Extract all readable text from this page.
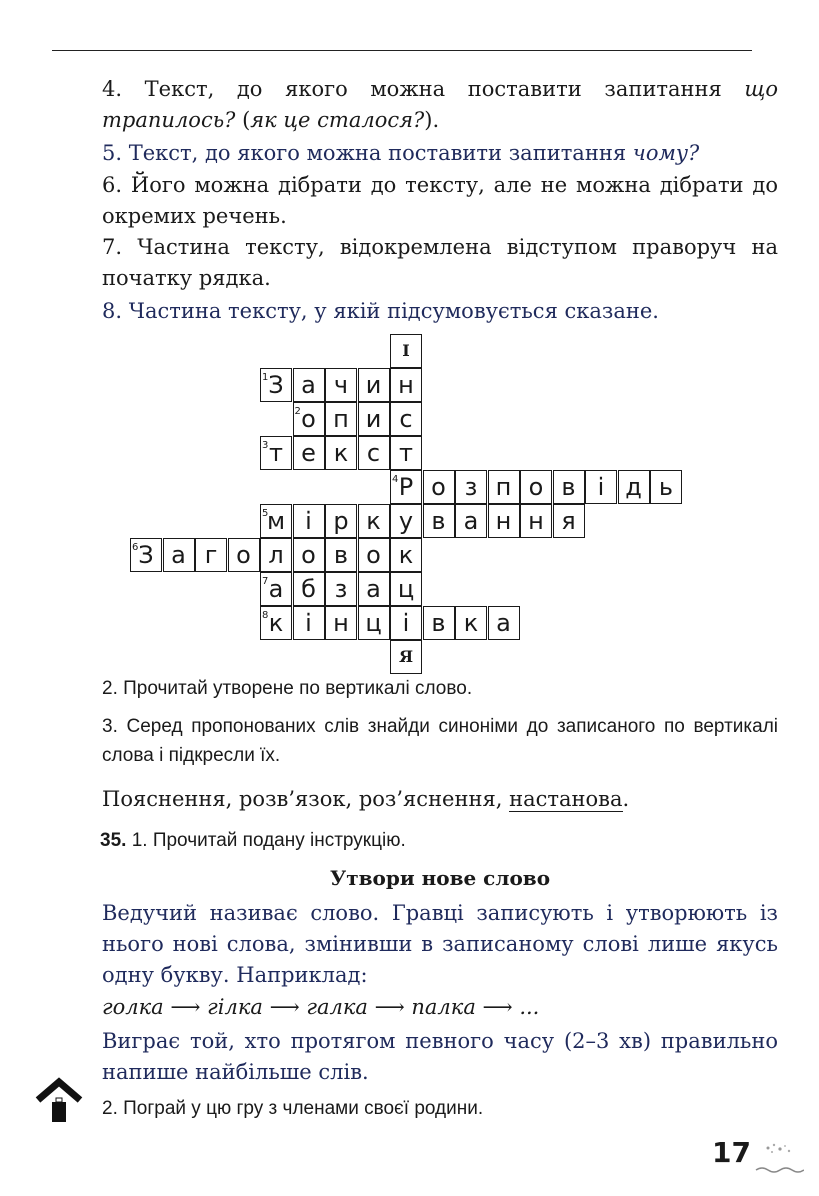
4. Текст, до якого можна поставити запитання що трапилось? (як це сталося?).

5. Текст, до якого можна поставити запитання чому?

6. Його можна дібрати до тексту, але не можна дібрати до окремих речень.

7. Частина тексту, відокремлена відступом праворуч на початку рядка.

8. Частина тексту, у якій підсумовується сказане.

І
З а ч и н
1
о п и с
2
т е к с т
3
Р о з п о в і д ь
4
м і р к у в а н н я
5
З а г о л о в о к
6
а б з а ц
7
к і н ц і в к а
8
Я

2. Прочитай утворене по вертикалі слово.

3. Серед пропонованих слів знайди синоніми до записаного по вертикалі слова і підкресли їх.

Пояснення, розв’язок, роз’яснення, настанова.

35. 1. Прочитай подану інструкцію.

Утвори нове слово

Ведучий називає слово. Гравці записують і утворюють із нього нові слова, змінивши в записаному слові лише якусь одну букву. Наприклад:

голка ⟶ гілка ⟶ галка ⟶ палка ⟶ ...

Виграє той, хто протягом певного часу (2–3 хв) правильно напише найбільше слів.

2. Пограй у цю гру з членами своєї родини.

17
